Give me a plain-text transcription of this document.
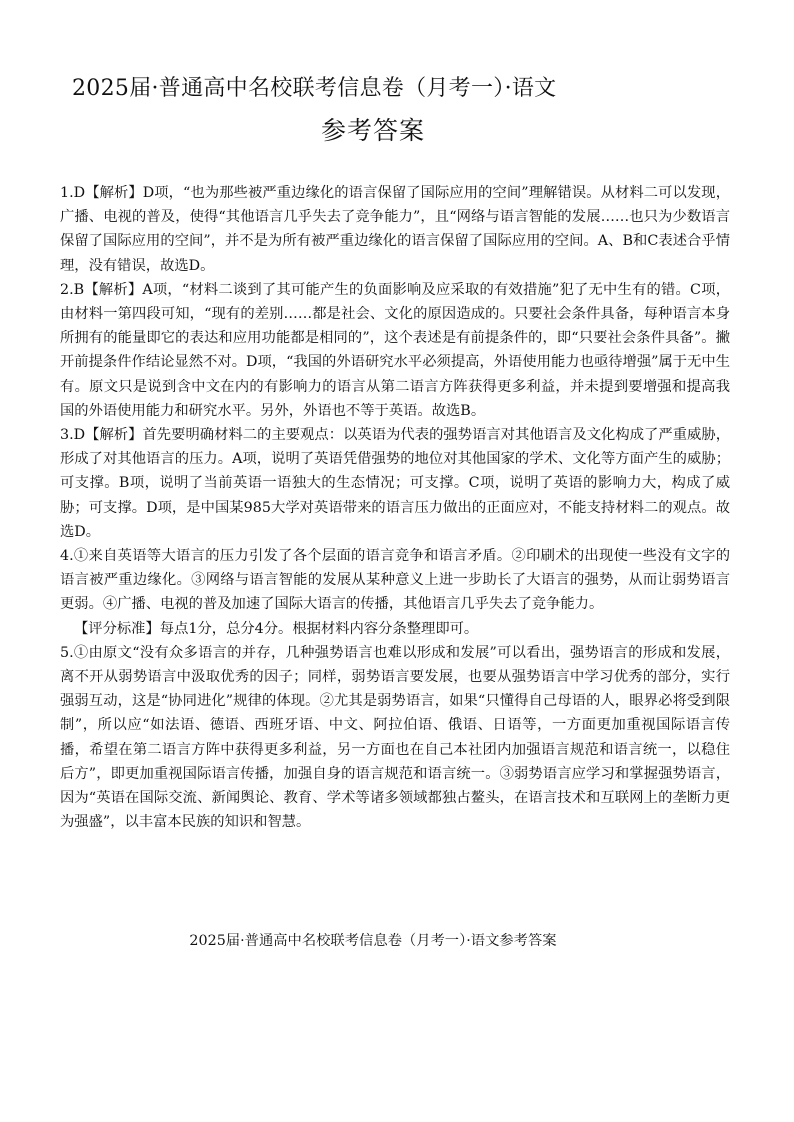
2025届·普通高中名校联考信息卷（月考一）·语文
参考答案

1.D【解析】D项，“也为那些被严重边缘化的语言保留了国际应用的空间”理解错误。从材料二可以发现，广播、电视的普及，使得“其他语言几乎失去了竞争能力”，且“网络与语言智能的发展……也只为少数语言保留了国际应用的空间”，并不是为所有被严重边缘化的语言保留了国际应用的空间。A、B和C表述合乎情理，没有错误，故选D。

2.B【解析】A项，“材料二谈到了其可能产生的负面影响及应采取的有效措施”犯了无中生有的错。C项，由材料一第四段可知，“现有的差别……都是社会、文化的原因造成的。只要社会条件具备，每种语言本身所拥有的能量即它的表达和应用功能都是相同的”，这个表述是有前提条件的，即“只要社会条件具备”。撇开前提条件作结论显然不对。D项，“我国的外语研究水平必须提高，外语使用能力也亟待增强”属于无中生有。原文只是说到含中文在内的有影响力的语言从第二语言方阵获得更多利益，并未提到要增强和提高我国的外语使用能力和研究水平。另外，外语也不等于英语。故选B。

3.D【解析】首先要明确材料二的主要观点：以英语为代表的强势语言对其他语言及文化构成了严重威胁，形成了对其他语言的压力。A项，说明了英语凭借强势的地位对其他国家的学术、文化等方面产生的威胁；可支撑。B项，说明了当前英语一语独大的生态情况；可支撑。C项，说明了英语的影响力大，构成了威胁；可支撑。D项，是中国某985大学对英语带来的语言压力做出的正面应对，不能支持材料二的观点。故选D。

4.①来自英语等大语言的压力引发了各个层面的语言竞争和语言矛盾。②印刷术的出现使一些没有文字的语言被严重边缘化。③网络与语言智能的发展从某种意义上进一步助长了大语言的强势，从而让弱势语言更弱。④广播、电视的普及加速了国际大语言的传播，其他语言几乎失去了竞争能力。

【评分标准】每点1分，总分4分。根据材料内容分条整理即可。

5.①由原文“没有众多语言的并存，几种强势语言也难以形成和发展”可以看出，强势语言的形成和发展，离不开从弱势语言中汲取优秀的因子；同样，弱势语言要发展，也要从强势语言中学习优秀的部分，实行强弱互动，这是“协同进化”规律的体现。②尤其是弱势语言，如果“只懂得自己母语的人，眼界必将受到限制”，所以应“如法语、德语、西班牙语、中文、阿拉伯语、俄语、日语等，一方面更加重视国际语言传播，希望在第二语言方阵中获得更多利益，另一方面也在自己本社团内加强语言规范和语言统一，以稳住后方”，即更加重视国际语言传播，加强自身的语言规范和语言统一。③弱势语言应学习和掌握强势语言，因为“英语在国际交流、新闻舆论、教育、学术等诸多领域都独占鳌头，在语言技术和互联网上的垄断力更为强盛”，以丰富本民族的知识和智慧。

2025届·普通高中名校联考信息卷（月考一）·语文参考答案
